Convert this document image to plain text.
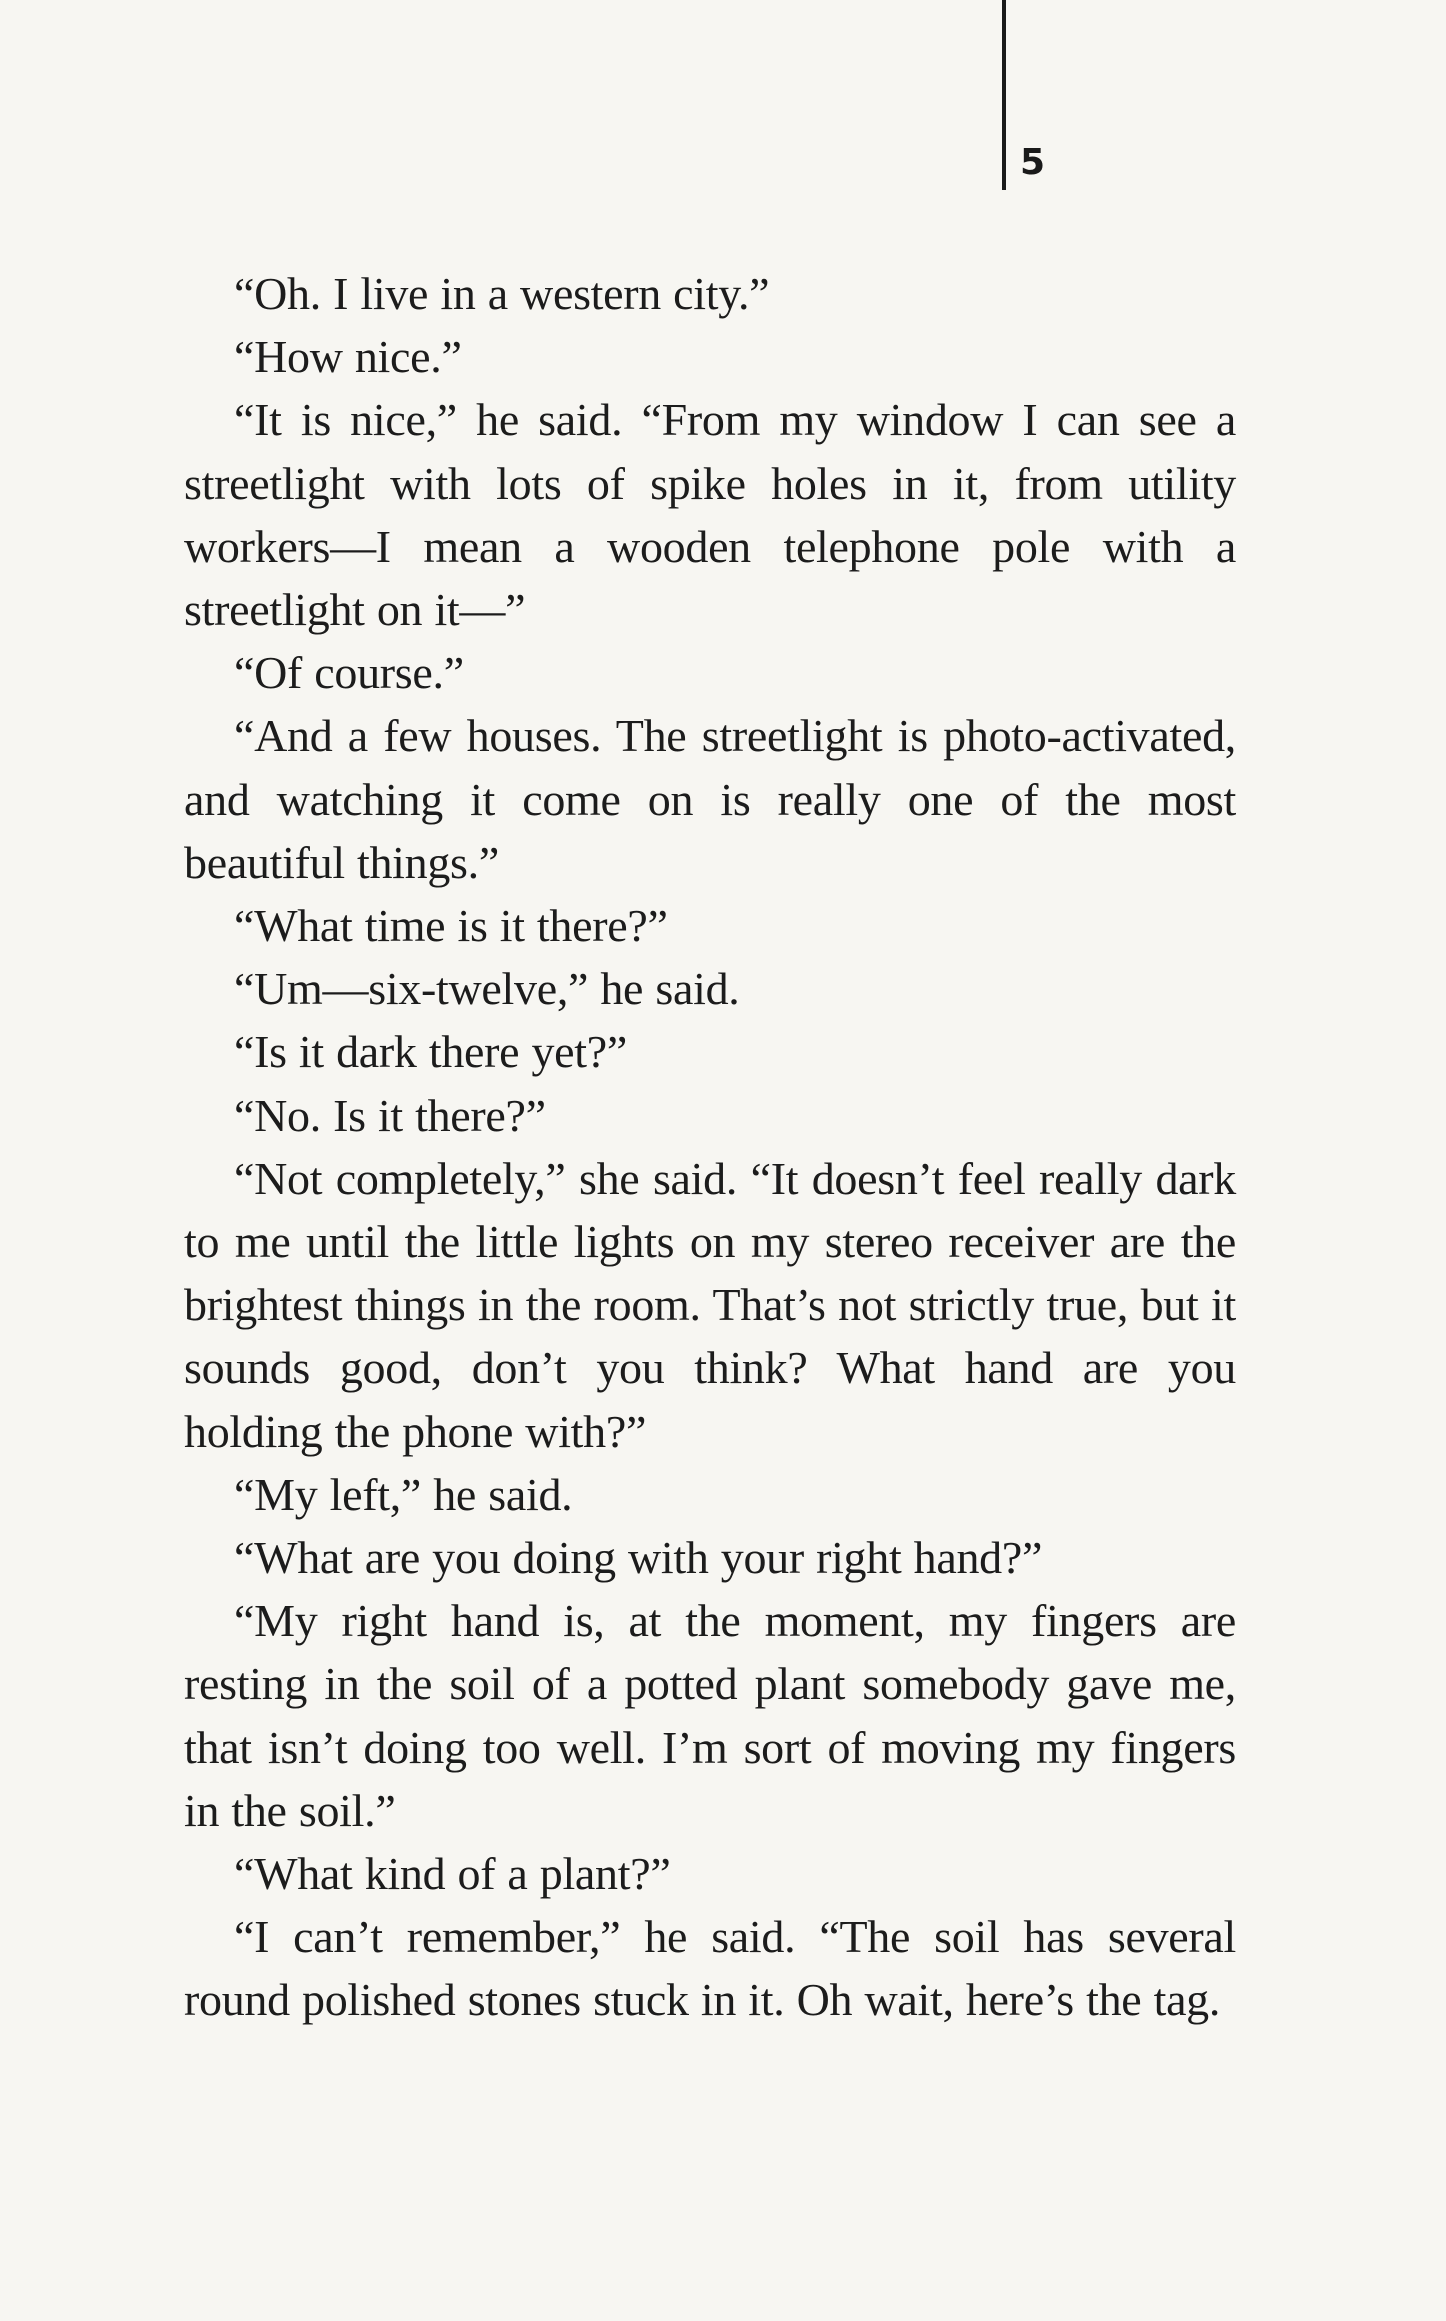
5

“Oh. I live in a western city.”

“How nice.”

“It is nice,” he said. “From my window I can see a streetlight with lots of spike holes in it, from utility workers—I mean a wooden telephone pole with a streetlight on it—”

“Of course.”

“And a few houses. The streetlight is photo-activated, and watching it come on is really one of the most beautiful things.”

“What time is it there?”

“Um—six-twelve,” he said.

“Is it dark there yet?”

“No. Is it there?”

“Not completely,” she said. “It doesn’t feel really dark to me until the little lights on my stereo receiver are the brightest things in the room. That’s not strictly true, but it sounds good, don’t you think? What hand are you holding the phone with?”

“My left,” he said.

“What are you doing with your right hand?”

“My right hand is, at the moment, my fingers are resting in the soil of a potted plant somebody gave me, that isn’t doing too well. I’m sort of moving my fingers in the soil.”

“What kind of a plant?”

“I can’t remember,” he said. “The soil has several round polished stones stuck in it. Oh wait, here’s the tag.
